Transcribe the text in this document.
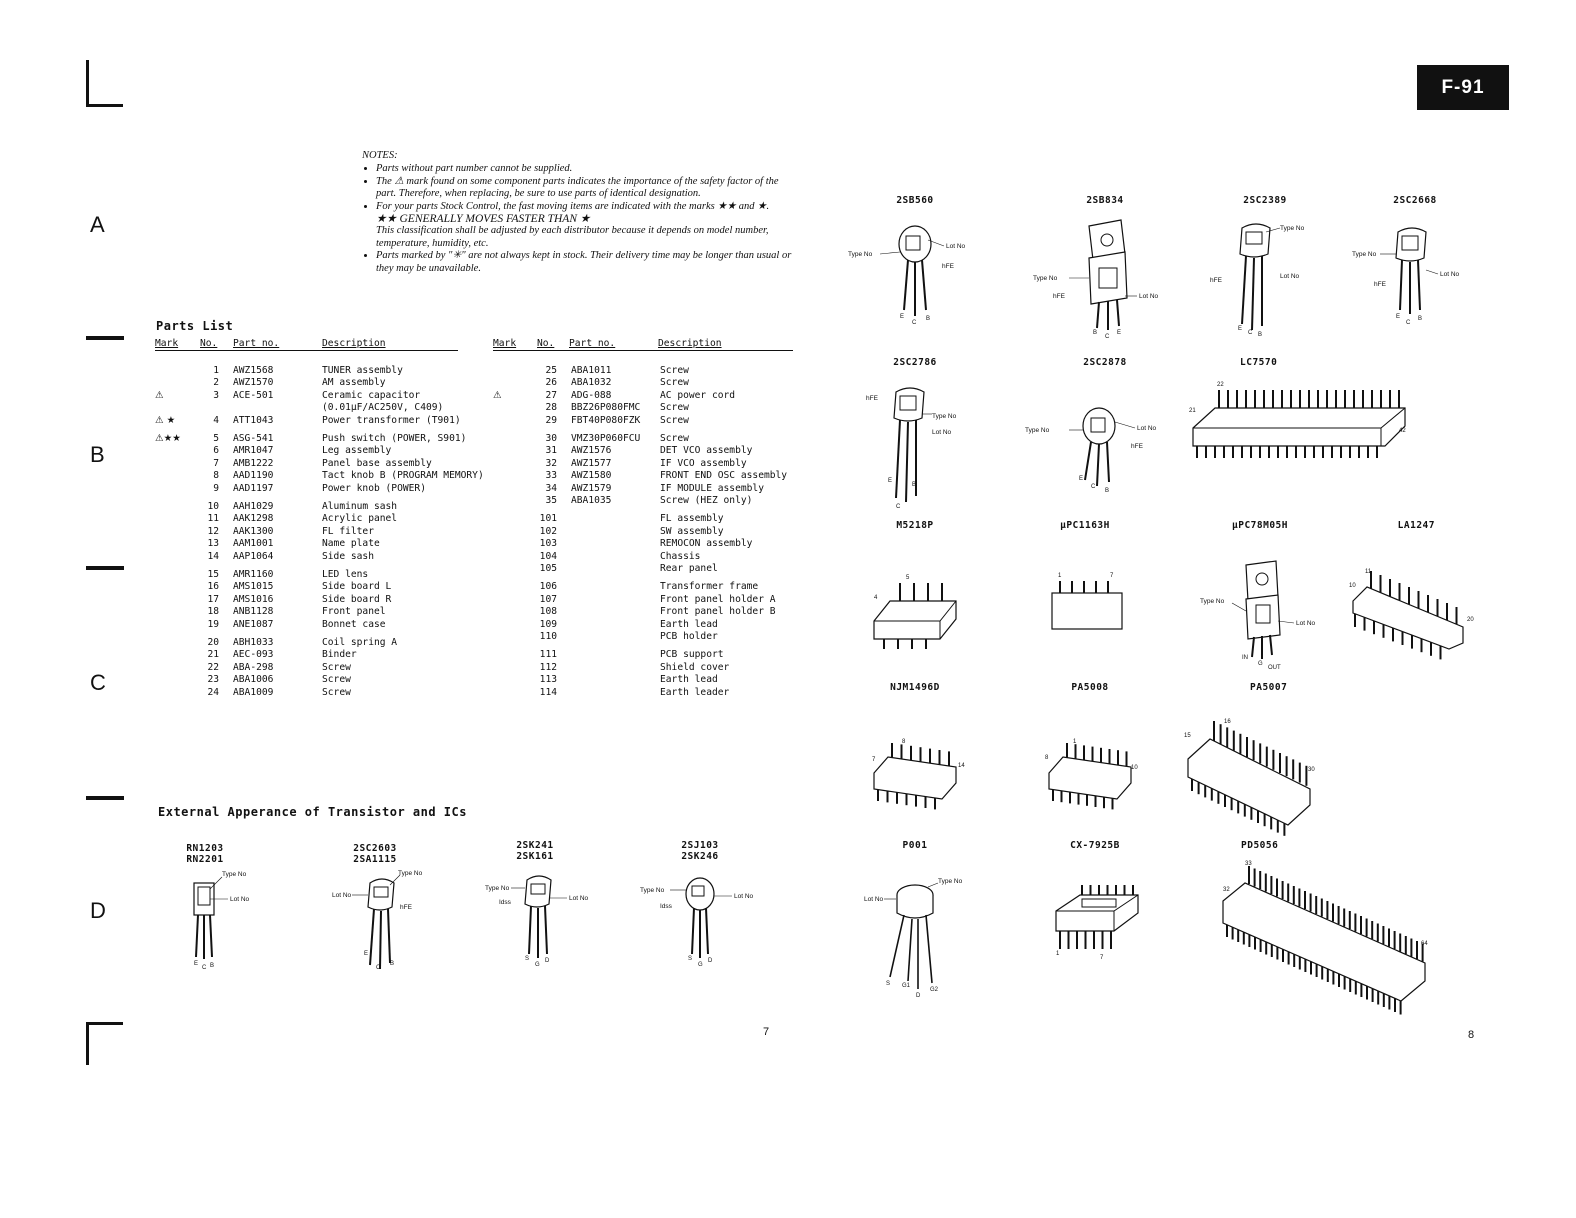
F-91
A
B
C
D
NOTES:
• Parts without part number cannot be supplied.
• The ⚠ mark found on some component parts indicates the importance of the safety factor of the part. Therefore, when replacing, be sure to use parts of identical designation.
• For your parts Stock Control, the fast moving items are indicated with the marks ★★ and ★.
★★ GENERALLY MOVES FASTER THAN ★
This classification shall be adjusted by each distributor because it depends on model number, temperature, humidity, etc.
• Parts marked by "✳" are not always kept in stock. Their delivery time may be longer than usual or they may be unavailable.
Parts List
Mark No. Part no.	Description	Mark No. Part no.	Description
1 AWZ1568	TUNER assembly
2 AWZ1570	AM assembly
⚠	3 ACE-501	Ceramic capacitor
(0.01μF/AC250V, C409)
⚠ ★	4 ATT1043	Power transformer (T901)
⚠★★	5 ASG-541	Push switch (POWER, S901)
6 AMR1047	Leg assembly
7 AMB1222	Panel base assembly
8 AAD1190	Tact knob B (PROGRAM MEMORY)
9 AAD1197	Power knob (POWER)
10 AAH1029	Aluminum sash
11 AAK1298	Acrylic panel
12 AAK1300	FL filter
13 AAM1001	Name plate
14 AAP1064	Side sash
15 AMR1160	LED lens
16 AMS1015	Side board L
17 AMS1016	Side board R
18 ANB1128	Front panel
19 ANE1087	Bonnet case
20 ABH1033	Coil spring A
21 AEC-093	Binder
22 ABA-298	Screw
23 ABA1006	Screw
24 ABA1009	Screw
25 ABA1011	Screw
26 ABA1032	Screw
⚠	27 ADG-088	AC power cord
28 BBZ26P080FMC Screw
29 FBT40P080FZK Screw
30 VMZ30P060FCU Screw
31 AWZ1576	DET VCO assembly
32 AWZ1577	IF VCO assembly
33 AWZ1580	FRONT END OSC assembly
34 AWZ1579	IF MODULE assembly
35 ABA1035	Screw (HEZ only)
101	FL assembly
102	SW assembly
103	REMOCON assembly
104	Chassis
105	Rear panel
106	Transformer frame
107	Front panel holder A
108	Front panel holder B
109	Earth lead
110	PCB holder
111	PCB support
112	Shield cover
113	Earth lead
114	Earth leader
External Apperance of Transistor and ICs
RN1203
RN2201
Type No
Lot No
E
C B
2SC2603
2SA1115
Type No
Lot No
hFE
E
C
B
2SK241
2SK161
Type No
Idss
Lot No
S
G
D
2SJ103
2SK246
Type No
Idss
Lot No
S
G
D
2SB560
Type No
Lot No
hFE
E
C
B
2SB834
Type No
hFE	Lot No
B
C
E
2SC2389
Type No
Lot No
hFE
E
C B
2SC2668
Type No
Lot No
hFE
E
C
B
2SC2786
hFE
Type No
Lot No
E
B
C
2SC2878
Type No	Lot No
hFE
E
C
B
LC7570
22
21
42
M5218P
5
4
μPC1163H
1	7
μPC78M05H
Type No
Lot No
IN
G
OUT
LA1247
11
10
20
NJM1496D
8
7
14
PA5008
1
8
10
PA5007
16
15
30
P001
Lot No
Type No
S G1
D
G2
CX-7925B
1
7
PD5056
33
32
64
7	8
